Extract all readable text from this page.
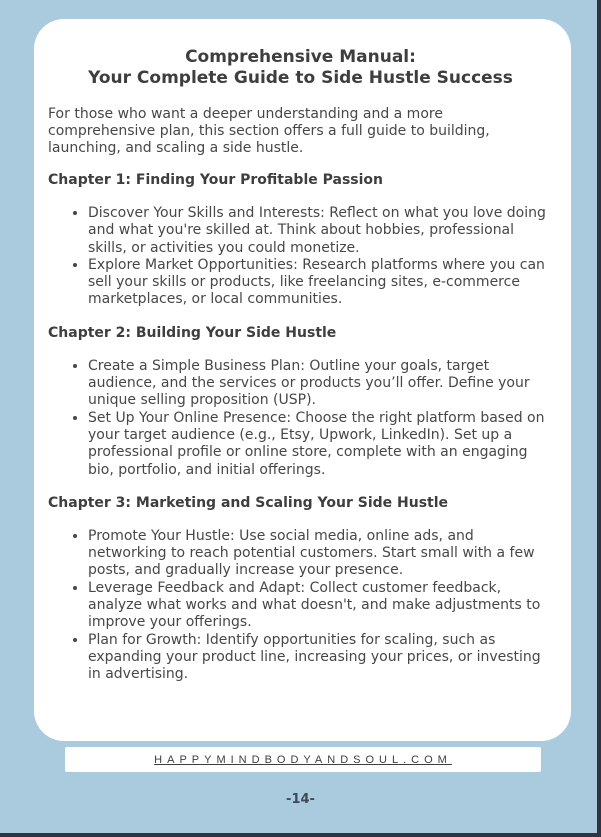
Comprehensive Manual:
Your Complete Guide to Side Hustle Success

For those who want a deeper understanding and a more comprehensive plan, this section offers a full guide to building, launching, and scaling a side hustle.

Chapter 1: Finding Your Profitable Passion
• Discover Your Skills and Interests: Reflect on what you love doing and what you're skilled at. Think about hobbies, professional skills, or activities you could monetize.
• Explore Market Opportunities: Research platforms where you can sell your skills or products, like freelancing sites, e-commerce marketplaces, or local communities.
Chapter 2: Building Your Side Hustle
• Create a Simple Business Plan: Outline your goals, target audience, and the services or products you’ll offer. Define your unique selling proposition (USP).
• Set Up Your Online Presence: Choose the right platform based on your target audience (e.g., Etsy, Upwork, LinkedIn). Set up a professional profile or online store, complete with an engaging bio, portfolio, and initial offerings.
Chapter 3: Marketing and Scaling Your Side Hustle
• Promote Your Hustle: Use social media, online ads, and networking to reach potential customers. Start small with a few posts, and gradually increase your presence.
• Leverage Feedback and Adapt: Collect customer feedback, analyze what works and what doesn't, and make adjustments to improve your offerings.
• Plan for Growth: Identify opportunities for scaling, such as expanding your product line, increasing your prices, or investing in advertising.
HAPPYMINDBODYANDSOUL.COM
-14-
